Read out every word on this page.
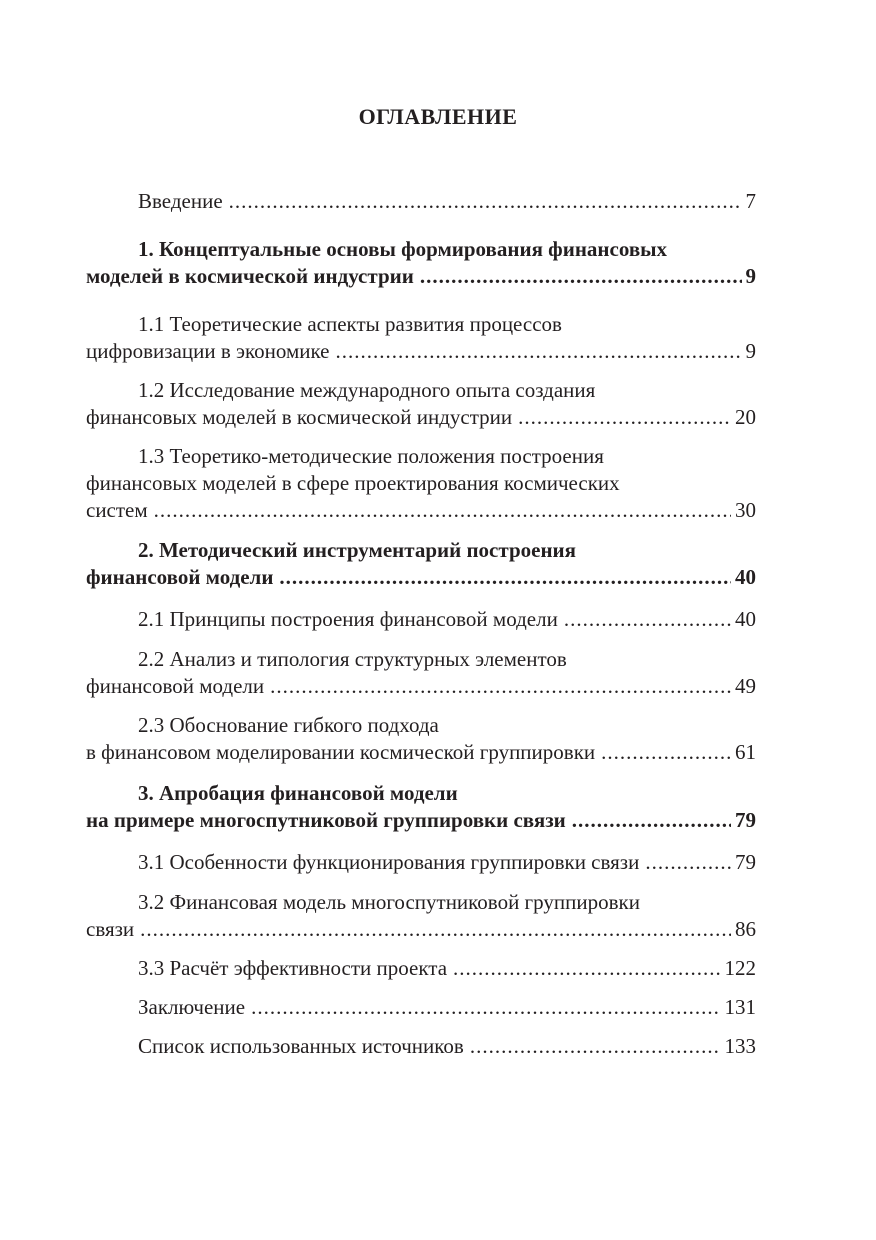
ОГЛАВЛЕНИЕ
Введение .....	7
1. Концептуальные основы формирования финансовых
моделей в космической индустрии .....	9
1.1 Теоретические аспекты развития процессов
цифровизации в экономике .....	9
1.2 Исследование международного опыта создания
финансовых моделей в космической индустрии .....	20
1.3 Теоретико-методические положения построения
финансовых моделей в сфере проектирования космических
систем .....	30
2. Методический инструментарий построения
финансовой модели .....	40
2.1 Принципы построения финансовой модели .....	40
2.2 Анализ и типология структурных элементов
финансовой модели .....	49
2.3 Обоснование гибкого подхода
в финансовом моделировании космической группировки .....	61
3. Апробация финансовой модели
на примере многоспутниковой группировки связи .....	79
3.1 Особенности функционирования группировки связи .....	79
3.2 Финансовая модель многоспутниковой группировки
связи .....	86
3.3 Расчёт эффективности проекта .....	122
Заключение .....	131
Список использованных источников .....	133
